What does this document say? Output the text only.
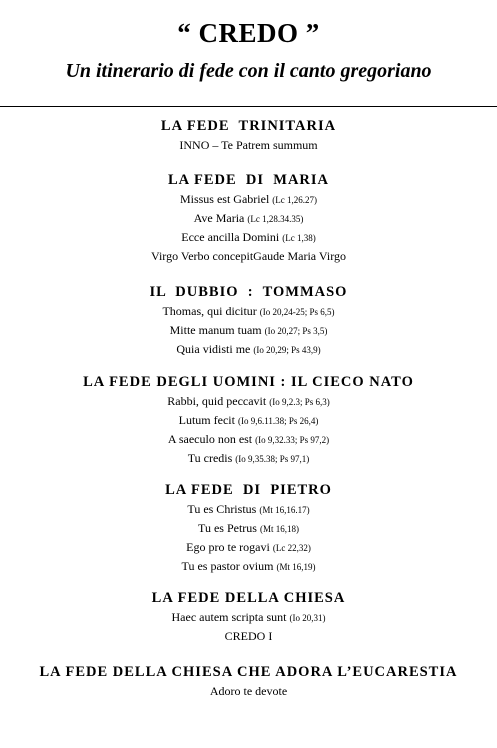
“ CREDO ”
Un itinerario di fede con il canto gregoriano
LA FEDE  TRINITARIA
INNO – Te Patrem summum
LA FEDE  DI  MARIA
Missus est Gabriel (Lc 1,26.27)
Ave Maria (Lc 1,28.34.35)
Ecce ancilla Domini (Lc 1,38)
Virgo Verbo concepitGaude Maria Virgo
IL  DUBBIO  :  TOMMASO
Thomas, qui dicitur (Io 20,24-25; Ps 6,5)
Mitte manum tuam (Io 20,27; Ps 3,5)
Quia vidisti me (Io 20,29; Ps 43,9)
LA FEDE DEGLI UOMINI : IL CIECO NATO
Rabbi, quid peccavit (Io 9,2.3; Ps 6,3)
Lutum fecit (Io 9,6.11.38; Ps 26,4)
A saeculo non est (Io 9,32.33; Ps 97,2)
Tu credis (Io 9,35.38; Ps 97,1)
LA FEDE  DI  PIETRO
Tu es Christus (Mt 16,16.17)
Tu es Petrus (Mt 16,18)
Ego pro te rogavi (Lc 22,32)
Tu es pastor ovium (Mt 16,19)
LA FEDE DELLA CHIESA
Haec autem scripta sunt (Io 20,31)
CREDO I
LA FEDE DELLA CHIESA CHE ADORA L’EUCARESTIA
Adoro te devote
